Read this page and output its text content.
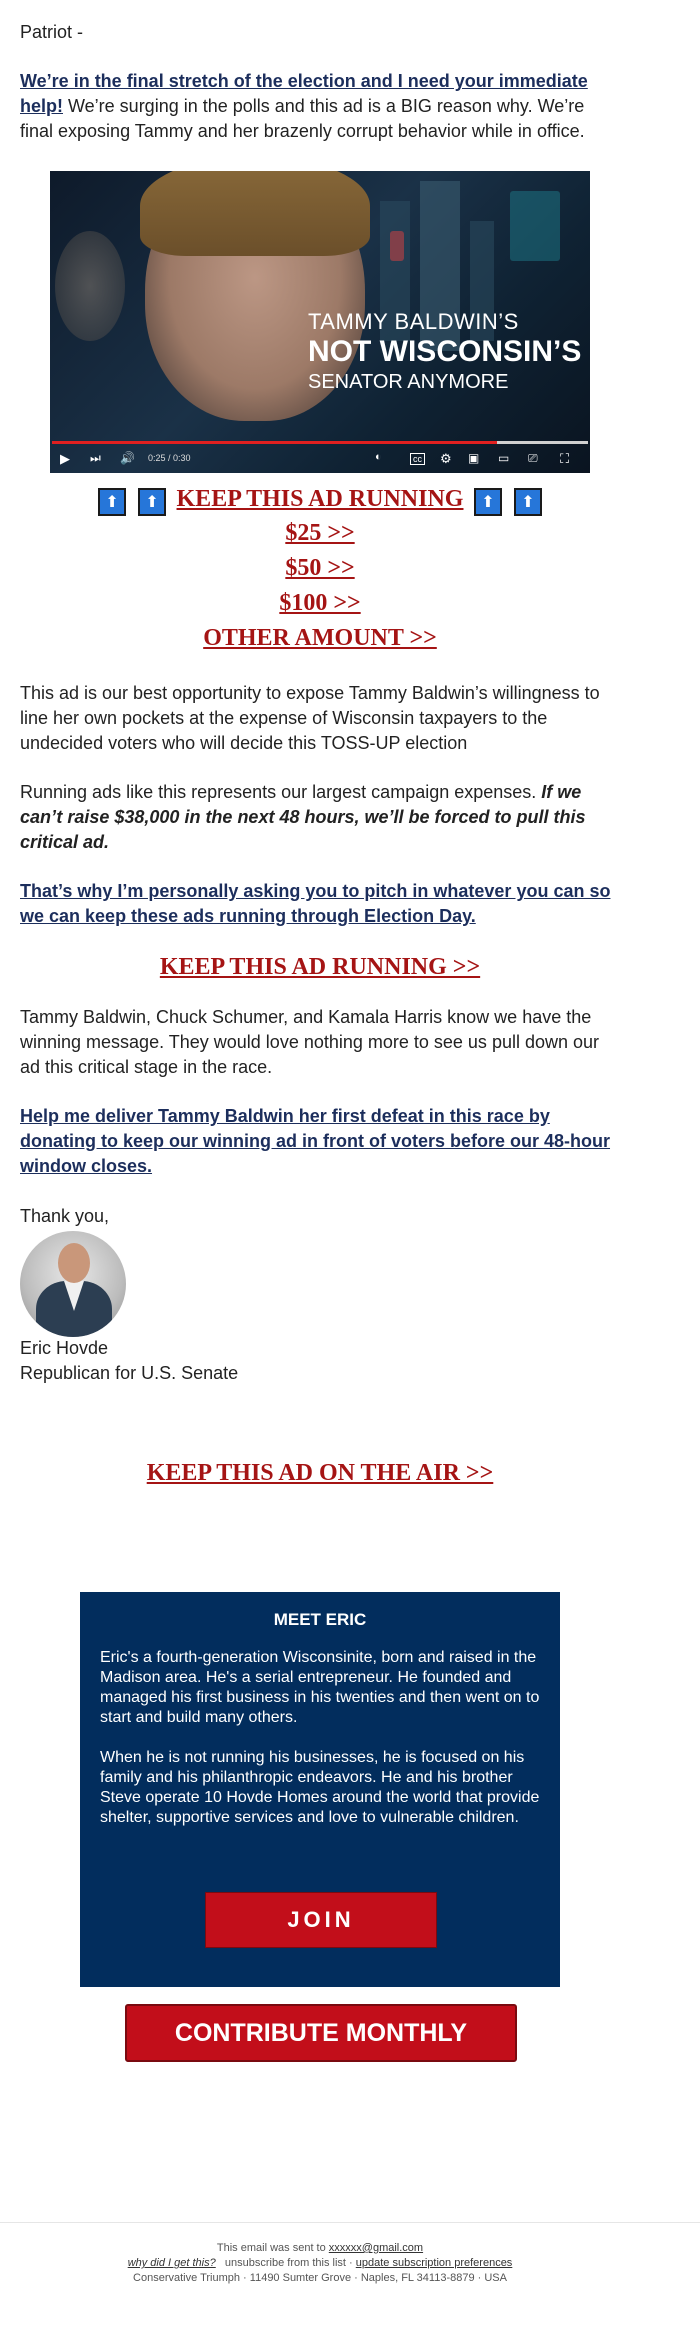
Patriot -

We’re in the final stretch of the election and I need your immediate help! We’re surging in the polls and this ad is a BIG reason why. We’re final exposing Tammy and her brazenly corrupt behavior while in office.

TAMMY BALDWIN’S
NOT WISCONSIN’S
SENATOR ANYMORE
▶ ⏭ 🔊 0:25 / 0:30	◐	cc ⚙ ▣ ▭ ⎚ ⛶
⬆ ⬆ KEEP THIS AD RUNNING ⬆ ⬆
$25 >>
$50 >>
$100 >>
OTHER AMOUNT >>

This ad is our best opportunity to expose Tammy Baldwin’s willingness to line her own pockets at the expense of Wisconsin taxpayers to the undecided voters who will decide this TOSS-UP election

Running ads like this represents our largest campaign expenses. If we can’t raise $38,000 in the next 48 hours, we’ll be forced to pull this critical ad.

That’s why I’m personally asking you to pitch in whatever you can so we can keep these ads running through Election Day.

KEEP THIS AD RUNNING >>

Tammy Baldwin, Chuck Schumer, and Kamala Harris know we have the winning message. They would love nothing more to see us pull down our ad this critical stage in the race.

Help me deliver Tammy Baldwin her first defeat in this race by donating to keep our winning ad in front of voters before our 48-hour window closes.

Thank you,

Eric Hovde

Republican for U.S. Senate

KEEP THIS AD ON THE AIR >>
MEET ERIC

Eric's a fourth-generation Wisconsinite, born and raised in the Madison area. He's a serial entrepreneur. He founded and managed his first business in his twenties and then went on to start and build many others.

When he is not running his businesses, he is focused on his family and his philanthropic endeavors. He and his brother Steve operate 10 Hovde Homes around the world that provide shelter, supportive services and love to vulnerable children.

JOIN
CONTRIBUTE MONTHLY
This email was sent to xxxxxx@gmail.com
why did I get this? unsubscribe from this list · update subscription preferences
Conservative Triumph · 11490 Sumter Grove · Naples, FL 34113-8879 · USA
